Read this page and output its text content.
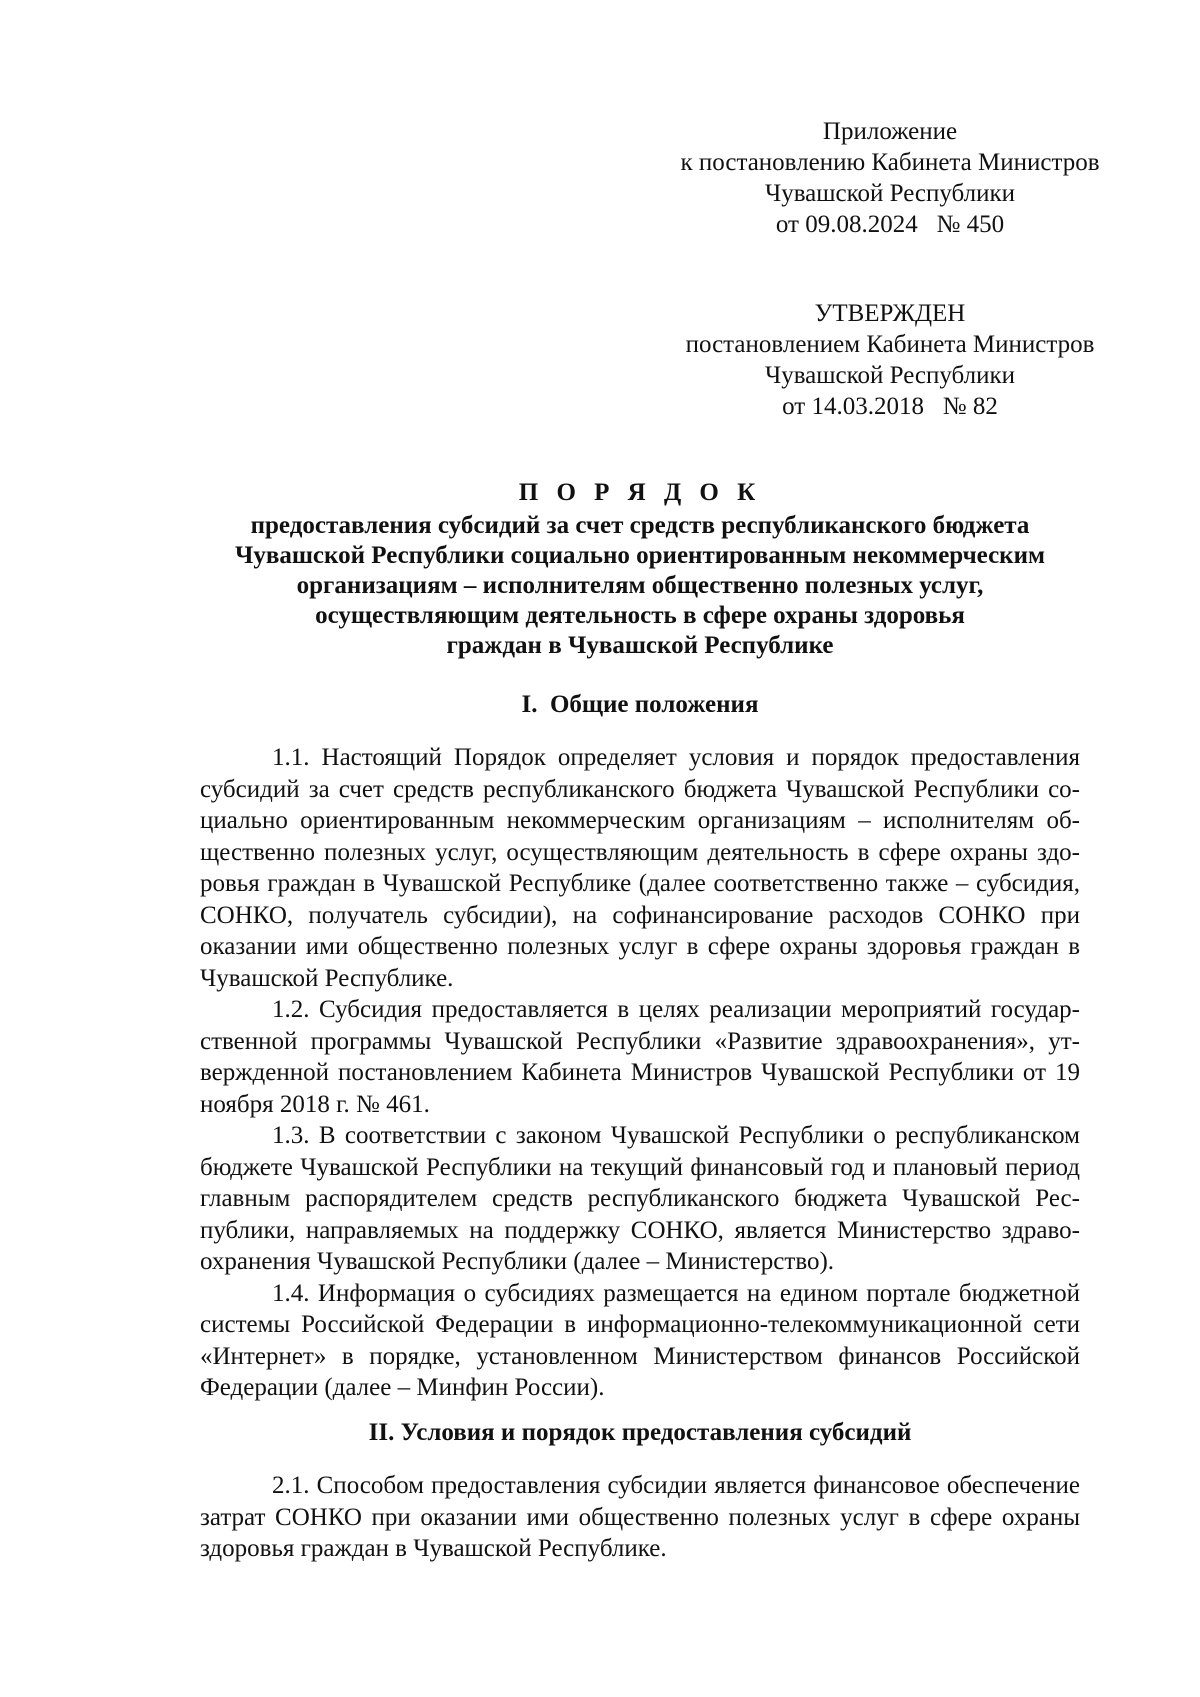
Приложение
к постановлению Кабинета Министров
Чувашской Республики
от 09.08.2024   № 450
УТВЕРЖДЕН
постановлением Кабинета Министров
Чувашской Республики
от 14.03.2018   № 82
П О Р Я Д О К
предоставления субсидий за счет средств республиканского бюджета
Чувашской Республики социально ориентированным некоммерческим
организациям – исполнителям общественно полезных услуг,
осуществляющим деятельность в сфере охраны здоровья
граждан в Чувашской Республике
I.  Общие положения

1.1. Настоящий Порядок определяет условия и порядок предоставления субсидий за счет средств республиканского бюджета Чувашской Республики социально ориентированным некоммерческим организациям – исполнителям общественно полезных услуг, осуществляющим деятельность в сфере охраны здоровья граждан в Чувашской Республике (далее соответственно также – субсидия, СОНКО, получатель субсидии), на софинансирование расходов СОНКО при оказании ими общественно полезных услуг в сфере охраны здоровья граждан в Чувашской Республике.

1.2. Субсидия предоставляется в целях реализации мероприятий государственной программы Чувашской Республики «Развитие здравоохранения», утвержденной постановлением Кабинета Министров Чувашской Республики от 19 ноября 2018 г. № 461.

1.3. В соответствии с законом Чувашской Республики о республиканском бюджете Чувашской Республики на текущий финансовый год и плановый период главным распорядителем средств республиканского бюджета Чувашской Республики, направляемых на поддержку СОНКО, является Министерство здравоохранения Чувашской Республики (далее – Министерство).

1.4. Информация о субсидиях размещается на едином портале бюджетной системы Российской Федерации в информационно-телекоммуникационной сети «Интернет» в порядке, установленном Министерством финансов Российской Федерации (далее – Минфин России).

II. Условия и порядок предоставления субсидий

2.1. Способом предоставления субсидии является финансовое обеспечение затрат СОНКО при оказании ими общественно полезных услуг в сфере охраны здоровья граждан в Чувашской Республике.
